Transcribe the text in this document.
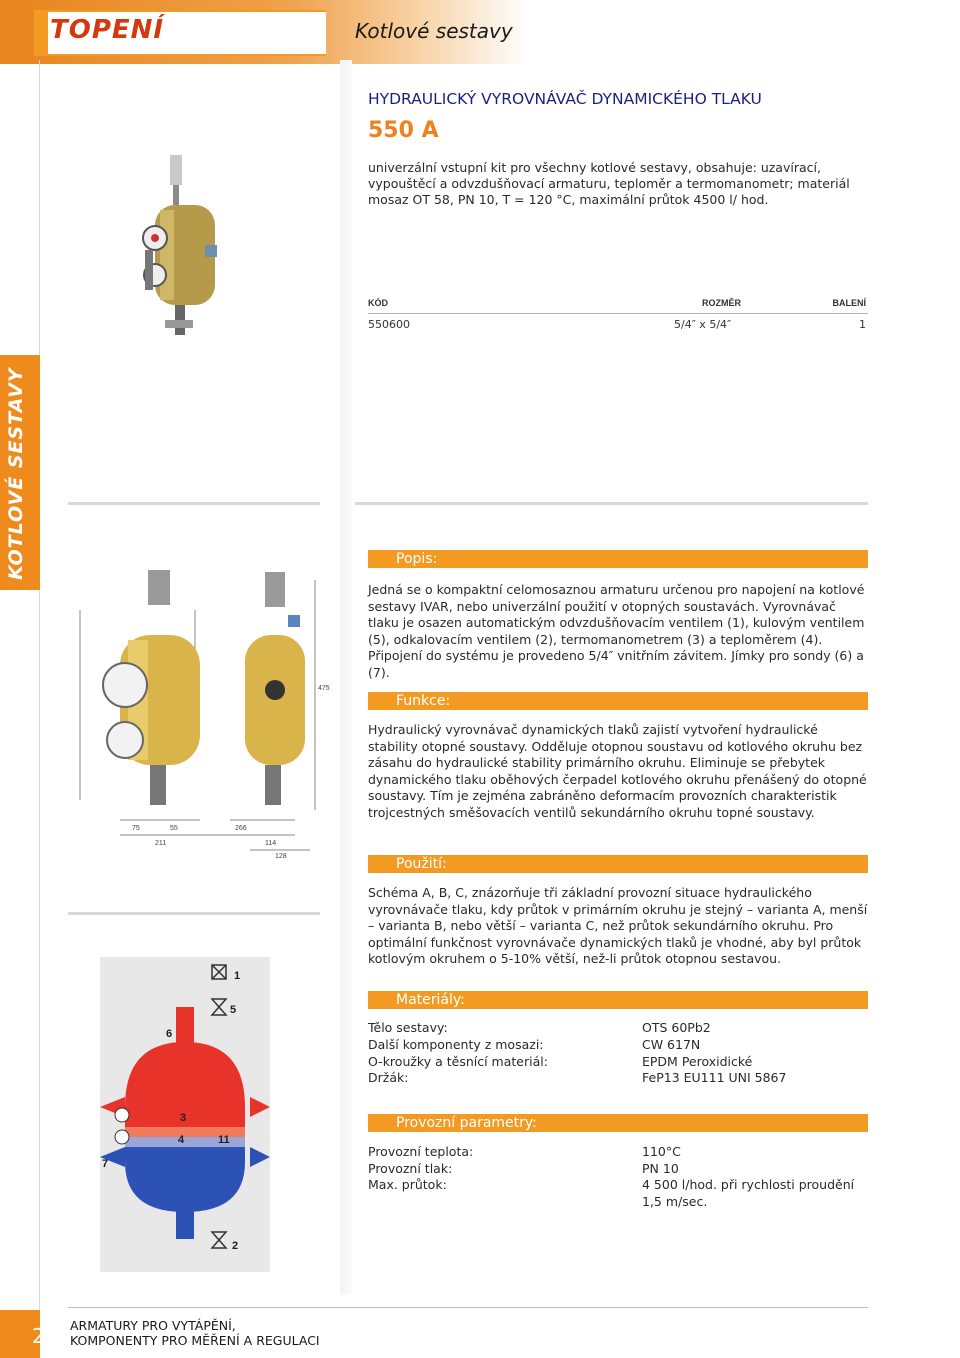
TOPENÍ	Kotlové sestavy
KOTLOVÉ SESTAVY

HYDRAULICKÝ VYROVNÁVAČ DYNAMICKÉHO TLAKU

550 A

univerzální vstupní kit pro všechny kotlové sestavy, obsahuje: uzavírací, vypouštěcí a odvzdušňovací armaturu, teploměr a termomanometr; materiál mosaz OT 58, PN 10, T = 120 °C, maximální průtok 4500 l/ hod.

KÓD	ROZMĚR	BALENÍ
550600	5/4″ x 5/4″	1
75	55
211
266
114
128
475
1
5
6
3
4	11
7
2
Popis:

Jedná se o kompaktní celomosaznou armaturu určenou pro napojení na kotlové sestavy IVAR, nebo univerzální použití v otopných soustavách. Vyrovnávač tlaku je osazen automatickým odvzdušňovacím ventilem (1), kulovým ventilem (5), odkalovacím ventilem (2), termomanometrem (3) a teploměrem (4). Připojení do systému je provedeno 5/4″ vnitřním závitem. Jímky pro sondy (6) a (7).

Funkce:

Hydraulický vyrovnávač dynamických tlaků zajistí vytvoření hydraulické stability otopné soustavy. Odděluje otopnou soustavu od kotlového okruhu bez zásahu do hydraulické stability primárního okruhu. Eliminuje se přebytek dynamického tlaku oběhových čerpadel kotlového okruhu přenášený do otopné soustavy. Tím je zejména zabráněno deformacím provozních charakteristik trojcestných směšovacích ventilů sekundárního okruhu topné soustavy.

Použití:

Schéma A, B, C, znázorňuje tři základní provozní situace hydraulického vyrovnávače tlaku, kdy průtok v primárním okruhu je stejný – varianta A, menší – varianta B, nebo větší – varianta C, než průtok sekundárního okruhu. Pro optimální funkčnost vyrovnávače dynamických tlaků je vhodné, aby byl průtok kotlovým okruhem o 5-10% větší, než-li průtok otopnou sestavou.

Materiály:
Tělo sestavy:	OTS 60Pb2
Další komponenty z mosazi:	CW 617N
O-kroužky a těsnící materiál:	EPDM Peroxidické
Držák:	FeP13 EU111 UNI 5867
Provozní parametry:
Provozní teplota:	110°C
Provozní tlak:	PN 10
Max. průtok:	4 500 l/hod. při rychlosti proudění 1,5 m/sec.
2 ARMATURY PRO VYTÁPĚNÍ,
KOMPONENTY PRO MĚŘENÍ A REGULACI
